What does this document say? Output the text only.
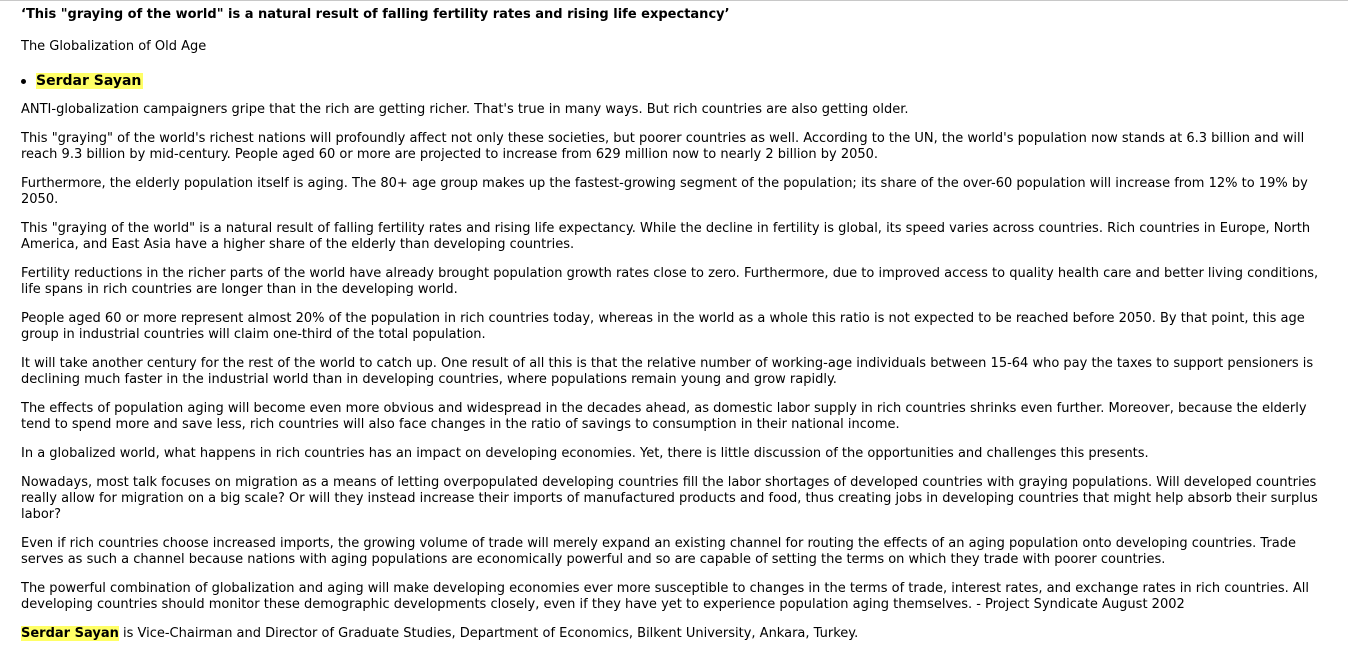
‘This "graying of the world" is a natural result of falling fertility rates and rising life expectancy’

The Globalization of Old Age

Serdar Sayan

ANTI-globalization campaigners gripe that the rich are getting richer. That's true in many ways. But rich countries are also getting older.

This "graying" of the world's richest nations will profoundly affect not only these societies, but poorer countries as well. According to the UN, the world's population now stands at 6.3 billion and will reach 9.3 billion by mid-century. People aged 60 or more are projected to increase from 629 million now to nearly 2 billion by 2050.

Furthermore, the elderly population itself is aging. The 80+ age group makes up the fastest-growing segment of the population; its share of the over-60 population will increase from 12% to 19% by 2050.

This "graying of the world" is a natural result of falling fertility rates and rising life expectancy. While the decline in fertility is global, its speed varies across countries. Rich countries in Europe, North America, and East Asia have a higher share of the elderly than developing countries.

Fertility reductions in the richer parts of the world have already brought population growth rates close to zero. Furthermore, due to improved access to quality health care and better living conditions, life spans in rich countries are longer than in the developing world.

People aged 60 or more represent almost 20% of the population in rich countries today, whereas in the world as a whole this ratio is not expected to be reached before 2050. By that point, this age group in industrial countries will claim one-third of the total population.

It will take another century for the rest of the world to catch up. One result of all this is that the relative number of working-age individuals between 15-64 who pay the taxes to support pensioners is declining much faster in the industrial world than in developing countries, where populations remain young and grow rapidly.

The effects of population aging will become even more obvious and widespread in the decades ahead, as domestic labor supply in rich countries shrinks even further. Moreover, because the elderly tend to spend more and save less, rich countries will also face changes in the ratio of savings to consumption in their national income.

In a globalized world, what happens in rich countries has an impact on developing economies. Yet, there is little discussion of the opportunities and challenges this presents.

Nowadays, most talk focuses on migration as a means of letting overpopulated developing countries fill the labor shortages of developed countries with graying populations. Will developed countries really allow for migration on a big scale? Or will they instead increase their imports of manufactured products and food, thus creating jobs in developing countries that might help absorb their surplus labor?

Even if rich countries choose increased imports, the growing volume of trade will merely expand an existing channel for routing the effects of an aging population onto developing countries. Trade serves as such a channel because nations with aging populations are economically powerful and so are capable of setting the terms on which they trade with poorer countries.

The powerful combination of globalization and aging will make developing economies ever more susceptible to changes in the terms of trade, interest rates, and exchange rates in rich countries. All developing countries should monitor these demographic developments closely, even if they have yet to experience population aging themselves. - Project Syndicate August 2002

Serdar Sayan is Vice-Chairman and Director of Graduate Studies, Department of Economics, Bilkent University, Ankara, Turkey.
